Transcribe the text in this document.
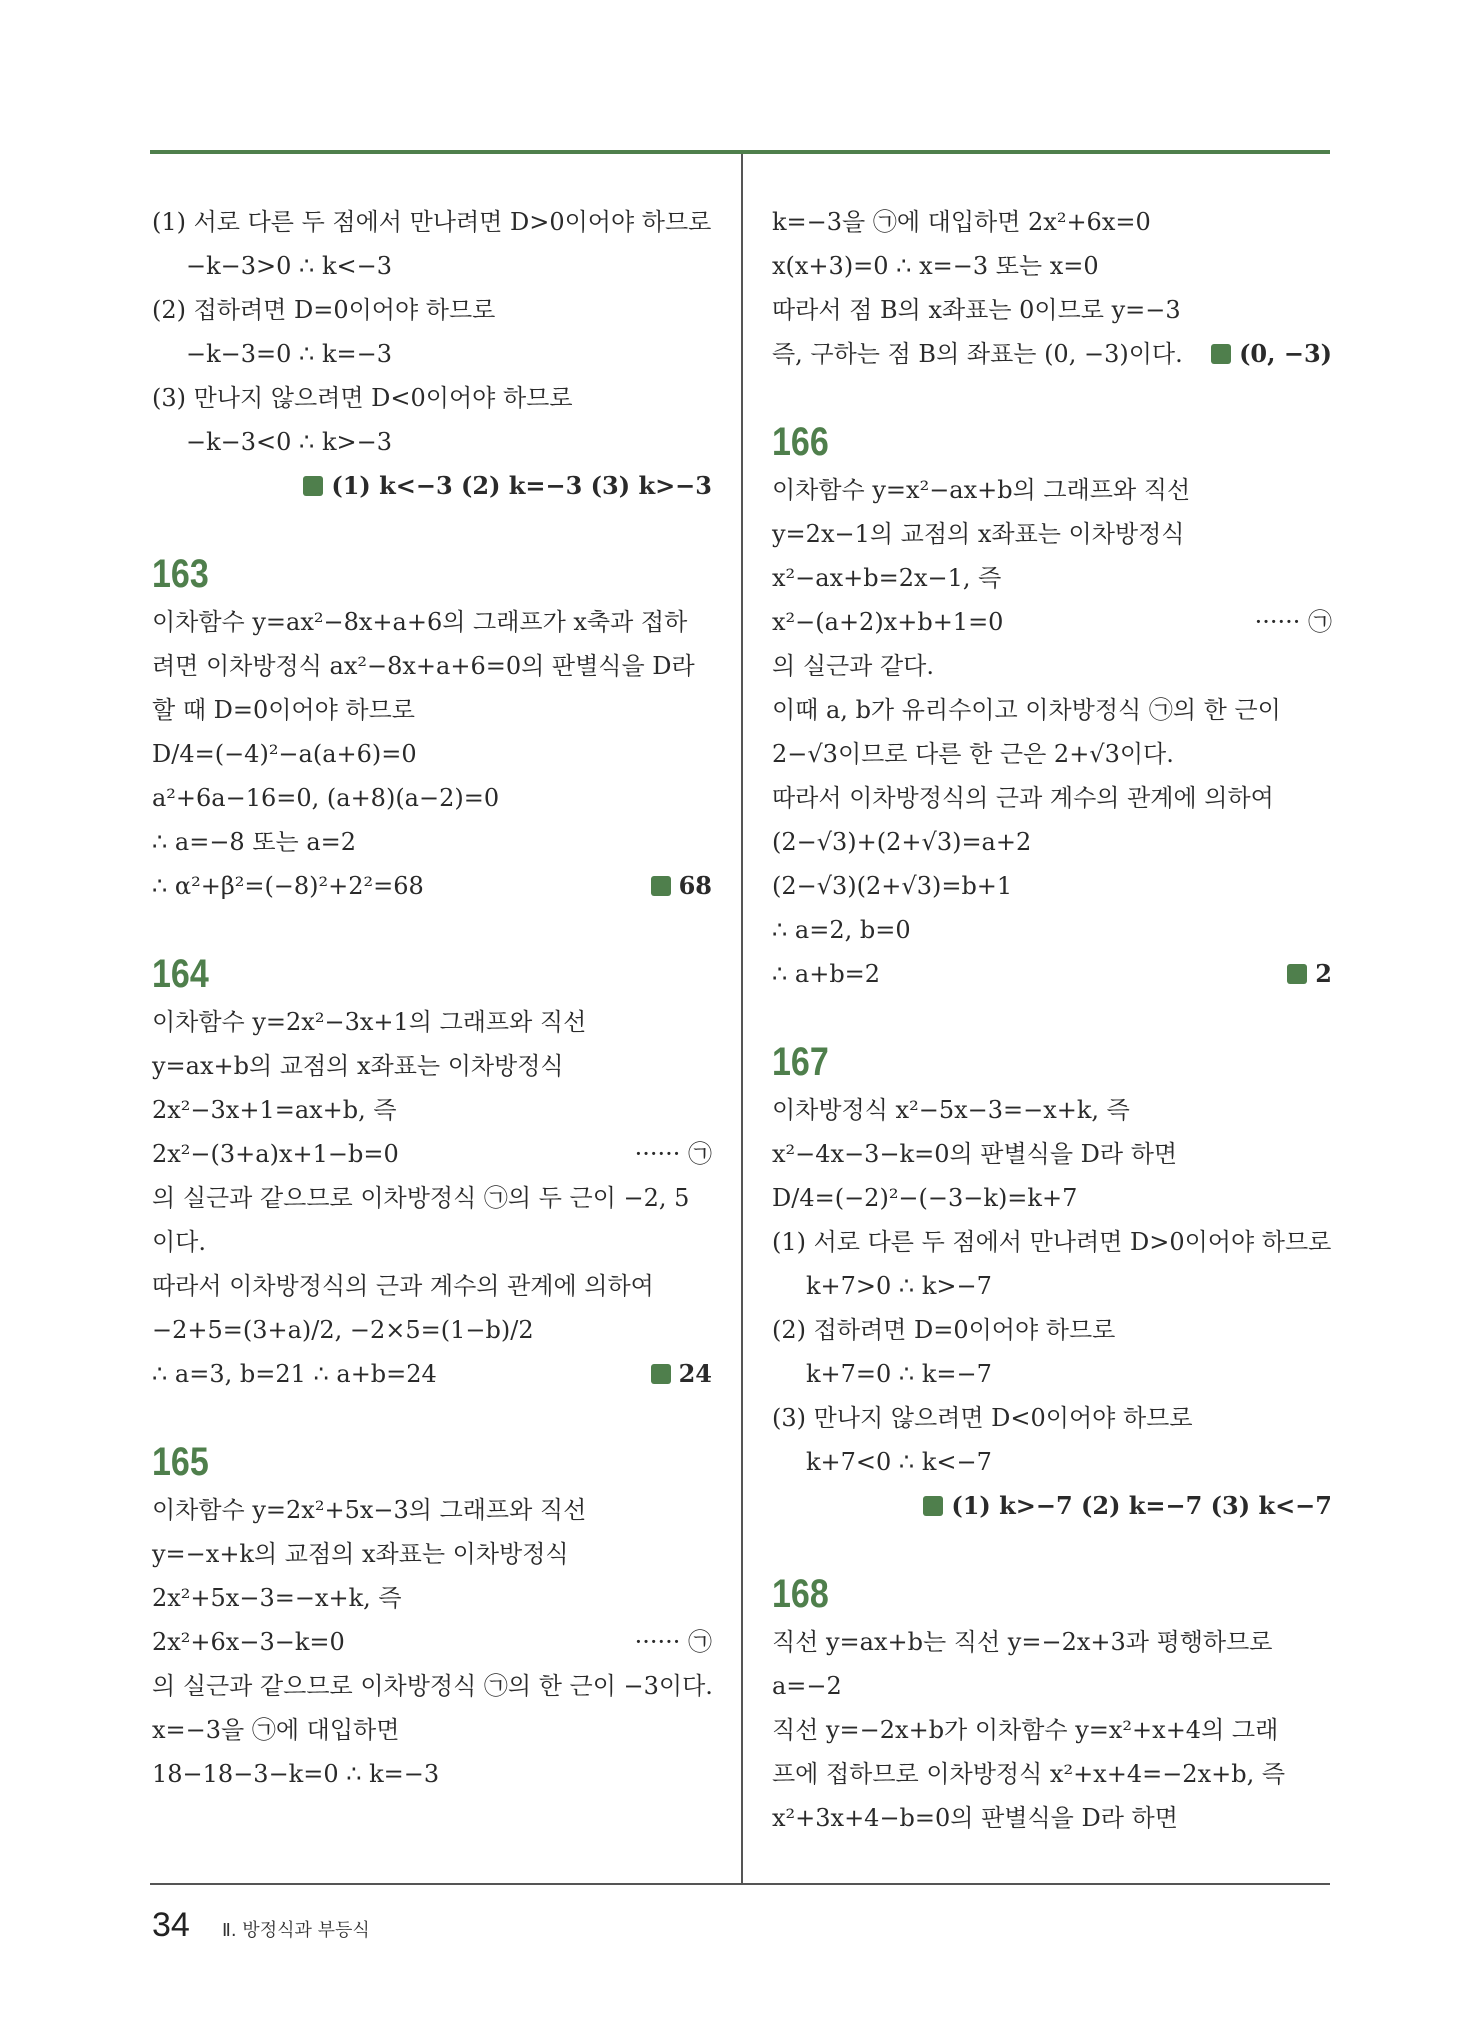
(1) 서로 다른 두 점에서 만나려면 D>0이어야 하므로
−k−3>0 ∴ k<−3
(2) 접하려면 D=0이어야 하므로
−k−3=0 ∴ k=−3
(3) 만나지 않으려면 D<0이어야 하므로
−k−3<0 ∴ k>−3
(1) k<−3 (2) k=−3 (3) k>−3
163
이차함수 y=ax²−8x+a+6의 그래프가 x축과 접하
려면 이차방정식 ax²−8x+a+6=0의 판별식을 D라
할 때 D=0이어야 하므로
D/4=(−4)²−a(a+6)=0
a²+6a−16=0, (a+8)(a−2)=0
∴ a=−8 또는 a=2
∴ α²+β²=(−8)²+2²=68	68
164
이차함수 y=2x²−3x+1의 그래프와 직선
y=ax+b의 교점의 x좌표는 이차방정식
2x²−3x+1=ax+b, 즉
2x²−(3+a)x+1−b=0	······ ㉠
의 실근과 같으므로 이차방정식 ㉠의 두 근이 −2, 5
이다.
따라서 이차방정식의 근과 계수의 관계에 의하여
−2+5=(3+a)/2, −2×5=(1−b)/2
∴ a=3, b=21 ∴ a+b=24	24
165
이차함수 y=2x²+5x−3의 그래프와 직선
y=−x+k의 교점의 x좌표는 이차방정식
2x²+5x−3=−x+k, 즉
2x²+6x−3−k=0	······ ㉠
의 실근과 같으므로 이차방정식 ㉠의 한 근이 −3이다.
x=−3을 ㉠에 대입하면
18−18−3−k=0 ∴ k=−3
k=−3을 ㉠에 대입하면 2x²+6x=0
x(x+3)=0 ∴ x=−3 또는 x=0
따라서 점 B의 x좌표는 0이므로 y=−3
즉, 구하는 점 B의 좌표는 (0, −3)이다.	(0, −3)
166
이차함수 y=x²−ax+b의 그래프와 직선
y=2x−1의 교점의 x좌표는 이차방정식
x²−ax+b=2x−1, 즉
x²−(a+2)x+b+1=0	······ ㉠
의 실근과 같다.
이때 a, b가 유리수이고 이차방정식 ㉠의 한 근이
2−√3이므로 다른 한 근은 2+√3이다.
따라서 이차방정식의 근과 계수의 관계에 의하여
(2−√3)+(2+√3)=a+2
(2−√3)(2+√3)=b+1
∴ a=2, b=0
∴ a+b=2	2
167
이차방정식 x²−5x−3=−x+k, 즉
x²−4x−3−k=0의 판별식을 D라 하면
D/4=(−2)²−(−3−k)=k+7
(1) 서로 다른 두 점에서 만나려면 D>0이어야 하므로
k+7>0 ∴ k>−7
(2) 접하려면 D=0이어야 하므로
k+7=0 ∴ k=−7
(3) 만나지 않으려면 D<0이어야 하므로
k+7<0 ∴ k<−7
(1) k>−7 (2) k=−7 (3) k<−7
168
직선 y=ax+b는 직선 y=−2x+3과 평행하므로
a=−2
직선 y=−2x+b가 이차함수 y=x²+x+4의 그래
프에 접하므로 이차방정식 x²+x+4=−2x+b, 즉
x²+3x+4−b=0의 판별식을 D라 하면
34 Ⅱ. 방정식과 부등식
